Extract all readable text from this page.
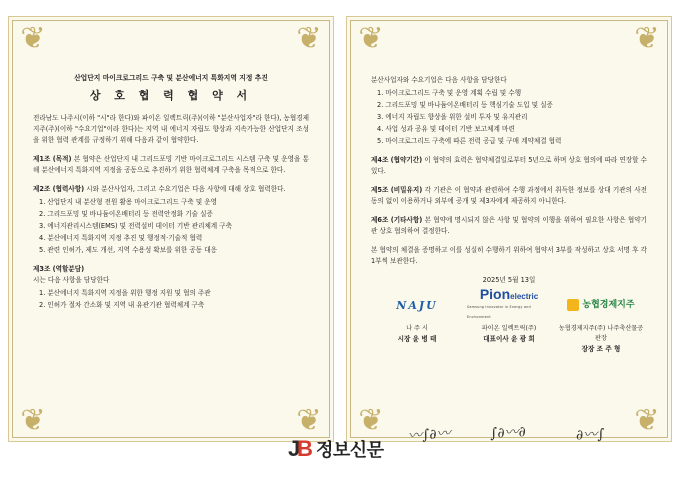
❦	❦
❦	❦
산업단지 마이크로그리드 구축 및 분산에너지 특화지역 지정 추진
상 호 협 력 협 약 서
전라남도 나주시(이하 "시"라 한다)와 파이온 일렉트릭(주)(이하 "분산사업자"라 한다), 농협경제지주(주)(이하 "수요기업"이라 한다)는 지역 내 에너지 자립도 향상과 지속가능한 산업단지 조성을 위한 협력 관계를 규정하기 위해 다음과 같이 협약한다.
제1조 (목적) 본 협약은 산업단지 내 그리드포밍 기반 마이크로그리드 시스템 구축 및 운영을 통해 분산에너지 특화지역 지정을 공동으로 추진하기 위한 협력체계 구축을 목적으로 한다.
제2조 (협력사항) 시와 분산사업자, 그리고 수요기업은 다음 사항에 대해 상호 협력한다.
1. 산업단지 내 분산형 전원 활용 마이크로그리드 구축 및 운영
2. 그리드포밍 및 바나듐이온배터리 등 전력안정화 기술 실증
3. 에너지관리시스템(EMS) 및 전력설비 데이터 기반 관리체계 구축
4. 분산에너지 특화지역 지정 추진 및 행정적·기술적 협력
5. 관련 인허가, 제도 개선, 지역 수용성 확보를 위한 공동 대응
제3조 (역할분담)
시는 다음 사항을 담당한다
1. 분산에너지 특화지역 지정을 위한 행정 지원 및 협의 주관
2. 인허가 절차 간소화 및 지역 내 유관기관 협력체계 구축
❦	❦
❦	❦
분산사업자와 수요기업은 다음 사항을 담당한다
1. 마이크로그리드 구축 및 운영 계획 수립 및 수행
2. 그리드포밍 및 바나듐이온배터리 등 핵심기술 도입 및 실증
3. 에너지 자립도 향상을 위한 설비 투자 및 유지관리
4. 사업 성과 공유 및 데이터 기반 보고체계 마련
5. 마이크로그리드 구축에 따른 전력 공급 및 구매 계약체결 협력
제4조 (협약기간) 이 협약의 효력은 협약체결일로부터 5년으로 하며 상호 협의에 따라 연장할 수 있다.
제5조 (비밀유지) 각 기관은 이 협약과 관련하여 수행 과정에서 취득한 정보를 상대 기관의 사전 동의 없이 이용하거나 외부에 공개 및 제3자에게 제공하지 아니한다.
제6조 (기타사항) 본 협약에 명시되지 않은 사항 및 협약의 이행을 위하여 필요한 사항은 협약기관 상호 협의하여 결정한다.
본 협약의 체결을 증명하고 이를 성실히 수행하기 위하여 협약서 3부를 작성하고 상호 서명 후 각 1부씩 보관한다.
2025년 5월 13일
NAJU
Pionelectric
Samsung Innovator in Energy and Environment
농협경제지주
나 주 시
시장 윤 병 태
파이온 일렉트릭(주)
대표이사 윤 광 희
농협경제지주(주) 나주축산물공판장
장장 조 주 형
〰∫∂〰	∫∂〰∂	∂〰∫
J
B 정보신문
